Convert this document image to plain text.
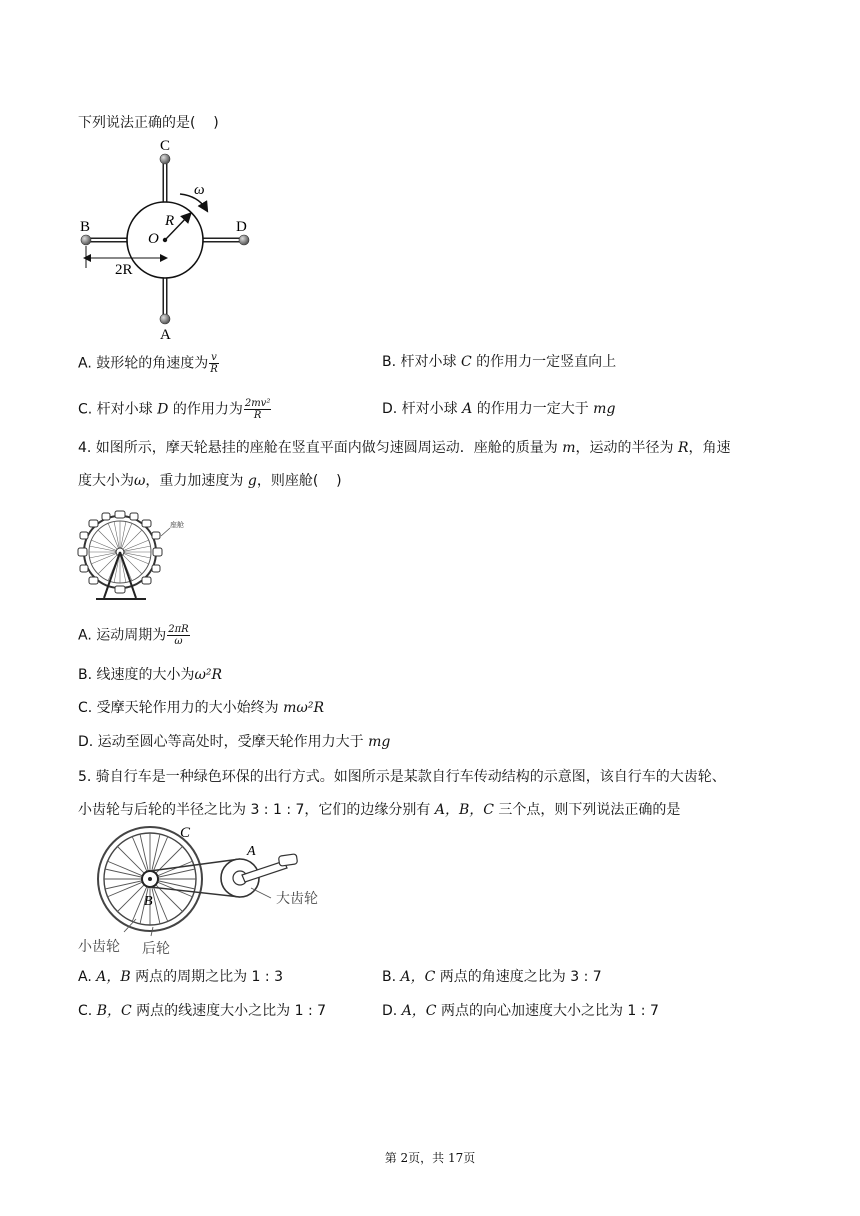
下列说法正确的是(    )
C
A
B	D
O
R
ω
2R
A. 鼓形轮的角速度为 $\frac{v}{R}$	B. 杆对小球 C 的作用力一定竖直向上
C. 杆对小球 D 的作用力为 $\frac{\text{2mv²}}{R}$	D. 杆对小球 A 的作用力一定大于 mg
4. 如图所示，摩天轮悬挂的座舱在竖直平面内做匀速圆周运动．座舱的质量为 m，运动的半径为 R，角速
度大小为ω，重力加速度为 g，则座舱(    )
座舱
A. 运动周期为 $\frac{2\pi R}{\omega}$
B. 线速度的大小为ω²R
C. 受摩天轮作用力的大小始终为 mω²R
D. 运动至圆心等高处时，受摩天轮作用力大于 mg
5. 骑自行车是一种绿色环保的出行方式。如图所示是某款自行车传动结构的示意图，该自行车的大齿轮、
小齿轮与后轮的半径之比为 3 : 1 : 7，它们的边缘分别有 A，B，C 三个点，则下列说法正确的是
C
A
B	大齿轮
小齿轮 后轮
A. A，B 两点的周期之比为 1 : 3	B. A，C 两点的角速度之比为 3 : 7
C. B，C 两点的线速度大小之比为 1 : 7	D. A，C 两点的向心加速度大小之比为 1 : 7
第 2页，共 17页
